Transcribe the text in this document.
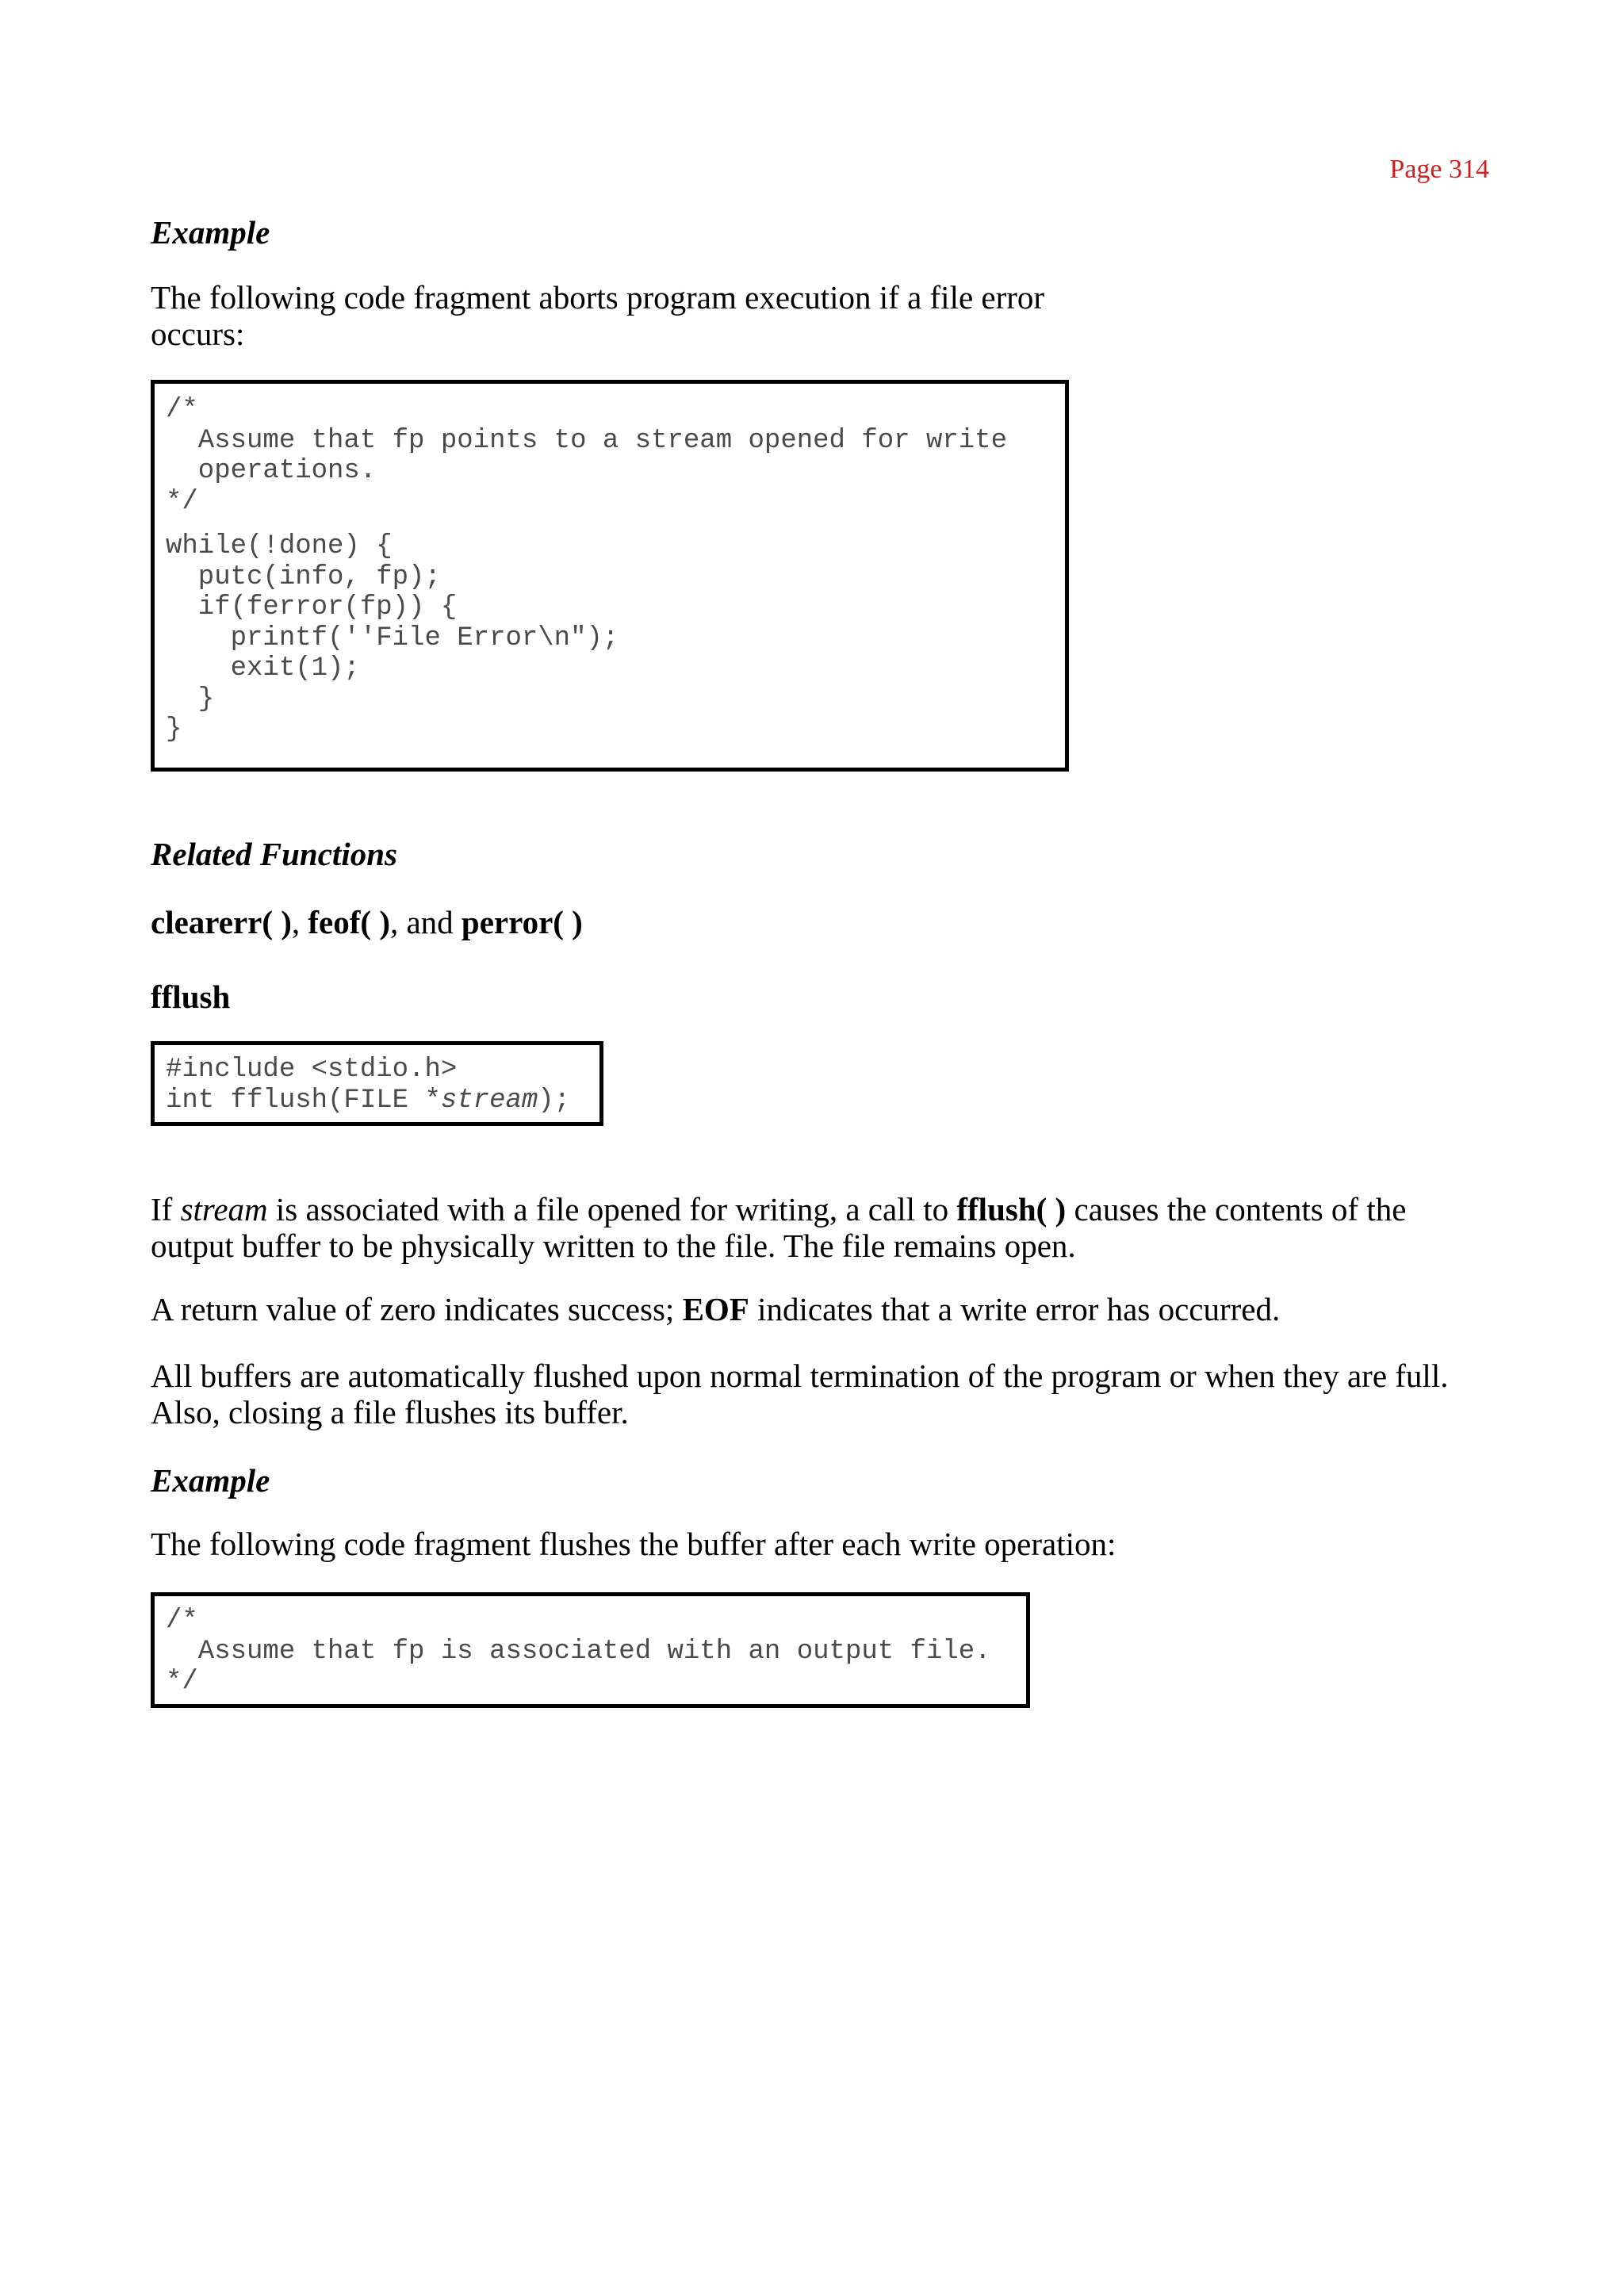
Page 314
Example
The following code fragment aborts program execution if a file error
occurs:
/*
Assume that fp points to a stream opened for write
operations.
*/
while(!done) {
putc(info, fp);
if(ferror(fp)) {
printf(''File Error\n");
exit(1);
}
}
Related Functions
clearerr( ), feof( ), and perror( )
fflush
#include <stdio.h>
int fflush(FILE *stream);
If stream is associated with a file opened for writing, a call to fflush( ) causes the contents of the
output buffer to be physically written to the file. The file remains open.
A return value of zero indicates success; EOF indicates that a write error has occurred.
All buffers are automatically flushed upon normal termination of the program or when they are full.
Also, closing a file flushes its buffer.
Example
The following code fragment flushes the buffer after each write operation:
/*
Assume that fp is associated with an output file.
*/
